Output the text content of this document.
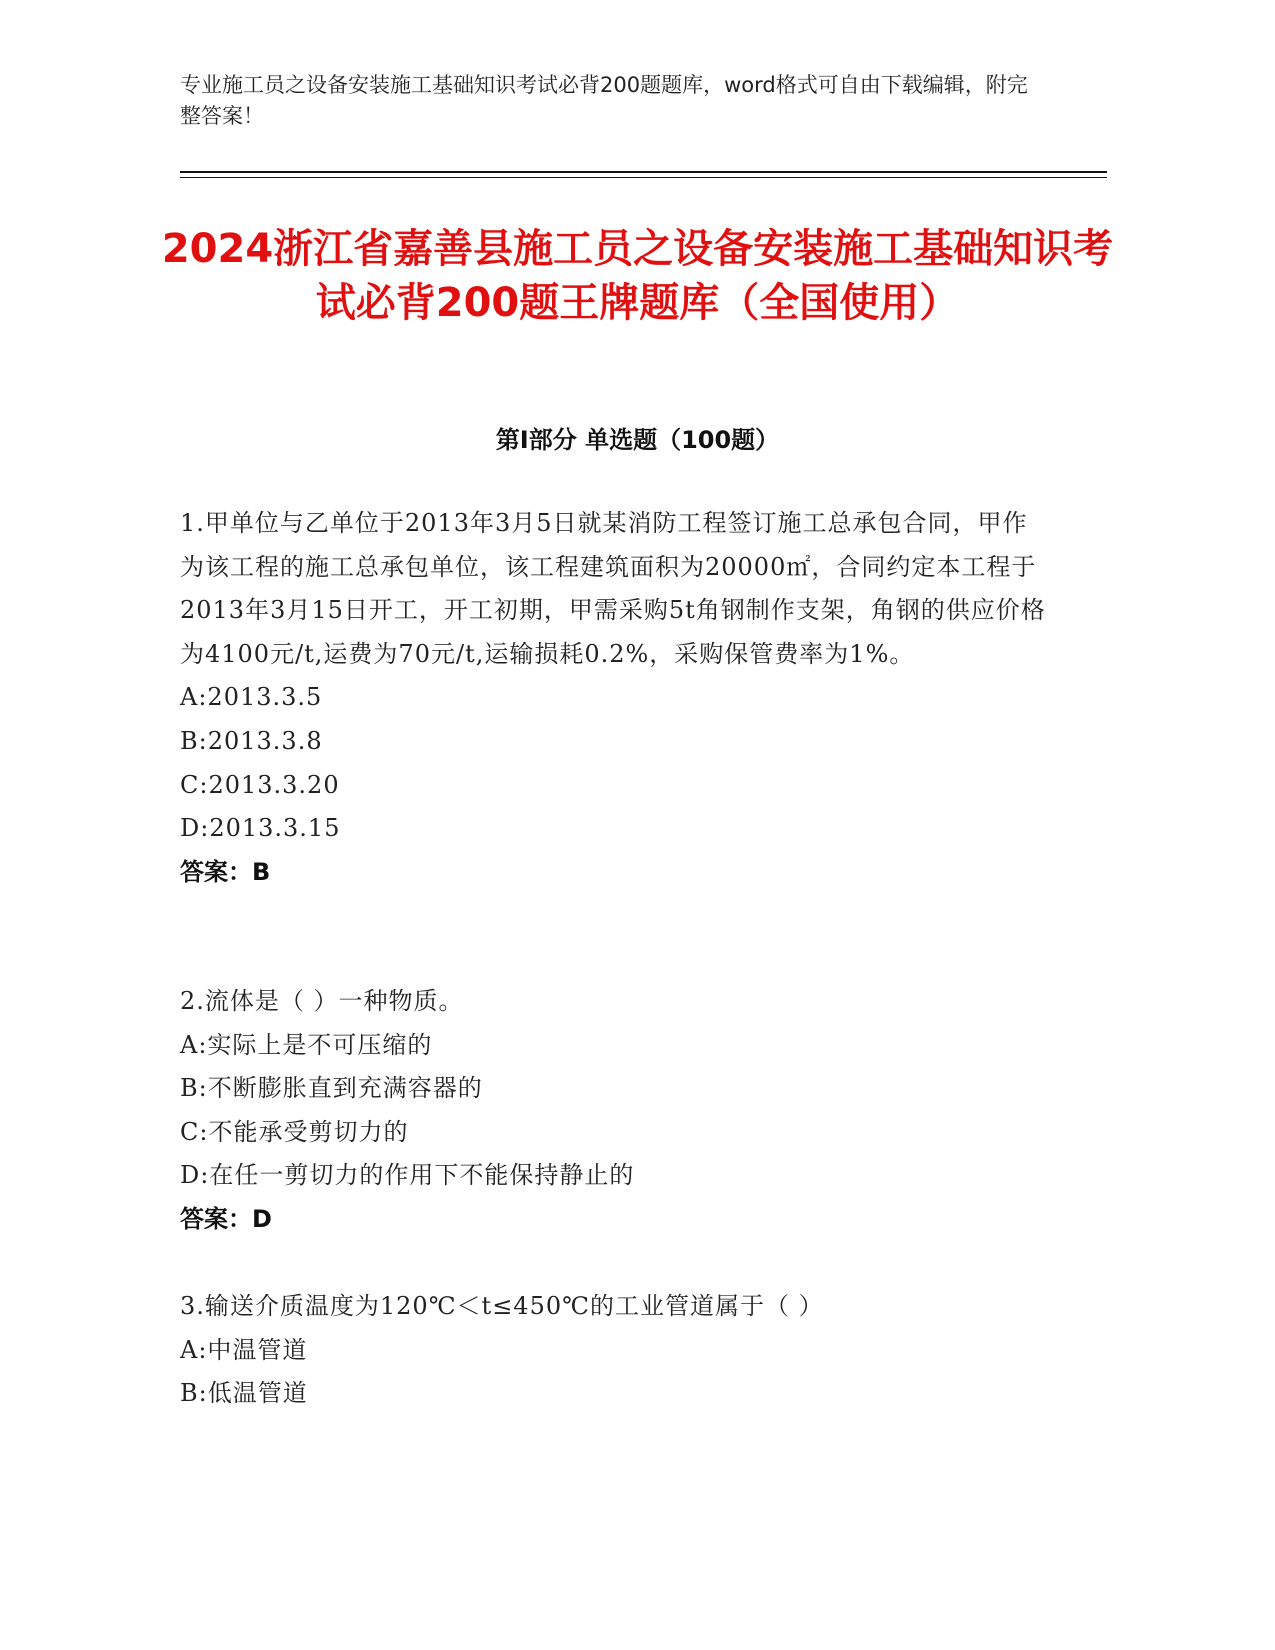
专业施工员之设备安装施工基础知识考试必背200题题库，word格式可自由下载编辑，附完整答案！
2024浙江省嘉善县施工员之设备安装施工基础知识考试必背200题王牌题库（全国使用）
第I部分 单选题（100题）
1.甲单位与乙单位于2013年3月5日就某消防工程签订施工总承包合同，甲作为该工程的施工总承包单位，该工程建筑面积为20000㎡，合同约定本工程于2013年3月15日开工，开工初期，甲需采购5t角钢制作支架，角钢的供应价格为4100元/t,运费为70元/t,运输损耗0.2%，采购保管费率为1%。
A:2013.3.5
B:2013.3.8
C:2013.3.20
D:2013.3.15
答案：B
2.流体是（ ）一种物质。
A:实际上是不可压缩的
B:不断膨胀直到充满容器的
C:不能承受剪切力的
D:在任一剪切力的作用下不能保持静止的
答案：D
3.输送介质温度为120℃＜t≤450℃的工业管道属于（ ）
A:中温管道
B:低温管道
